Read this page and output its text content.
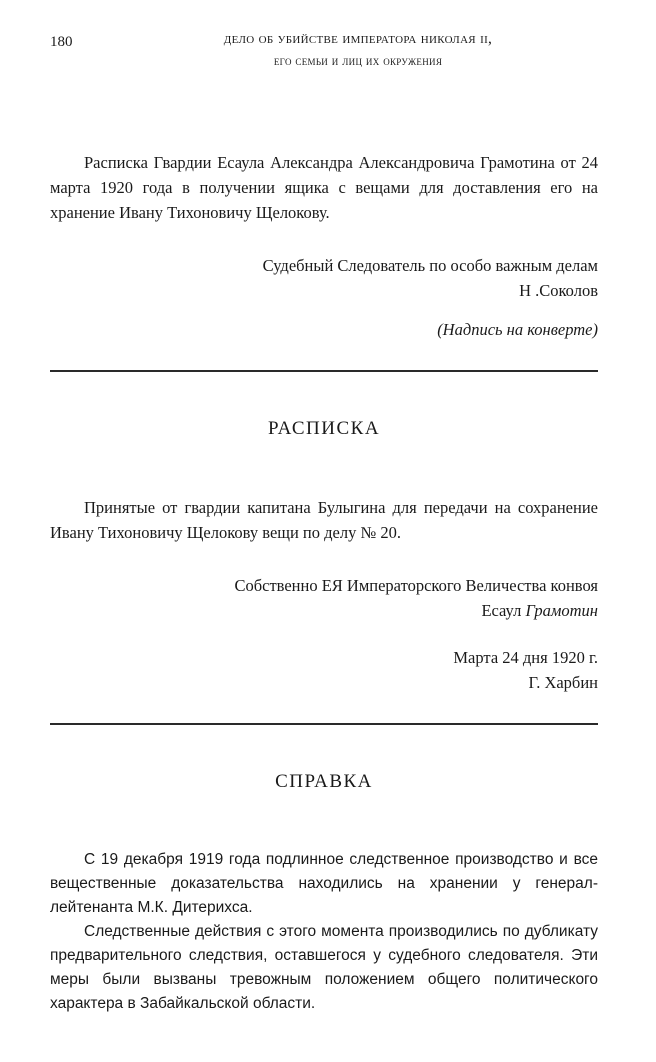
180	дело об убийстве императора николая ii,
его семьи и лиц их окружения

Расписка Гвардии Есаула Александра Александровича Грамотина от 24 марта 1920 года в получении ящика с вещами для доставления его на хранение Ивану Тихоновичу Щелокову.

Судебный Следователь по особо важным делам
Н .Соколов
(Надпись на конверте)

РАСПИСКА

Принятые от гвардии капитана Булыгина для передачи на сохранение Ивану Тихоновичу Щелокову вещи по делу № 20.

Собственно ЕЯ Императорского Величества конвоя
Есаул Грамотин
Марта 24 дня 1920 г.
Г. Харбин

СПРАВКА

С 19 декабря 1919 года подлинное следственное производство и все вещественные доказательства находились на хранении у генерал-лейтенанта М.К. Дитерихса.

Следственные действия с этого момента производились по дубликату предварительного следствия, оставшегося у судебного следователя. Эти меры были вызваны тревожным положением общего политического характера в Забайкальской области.
